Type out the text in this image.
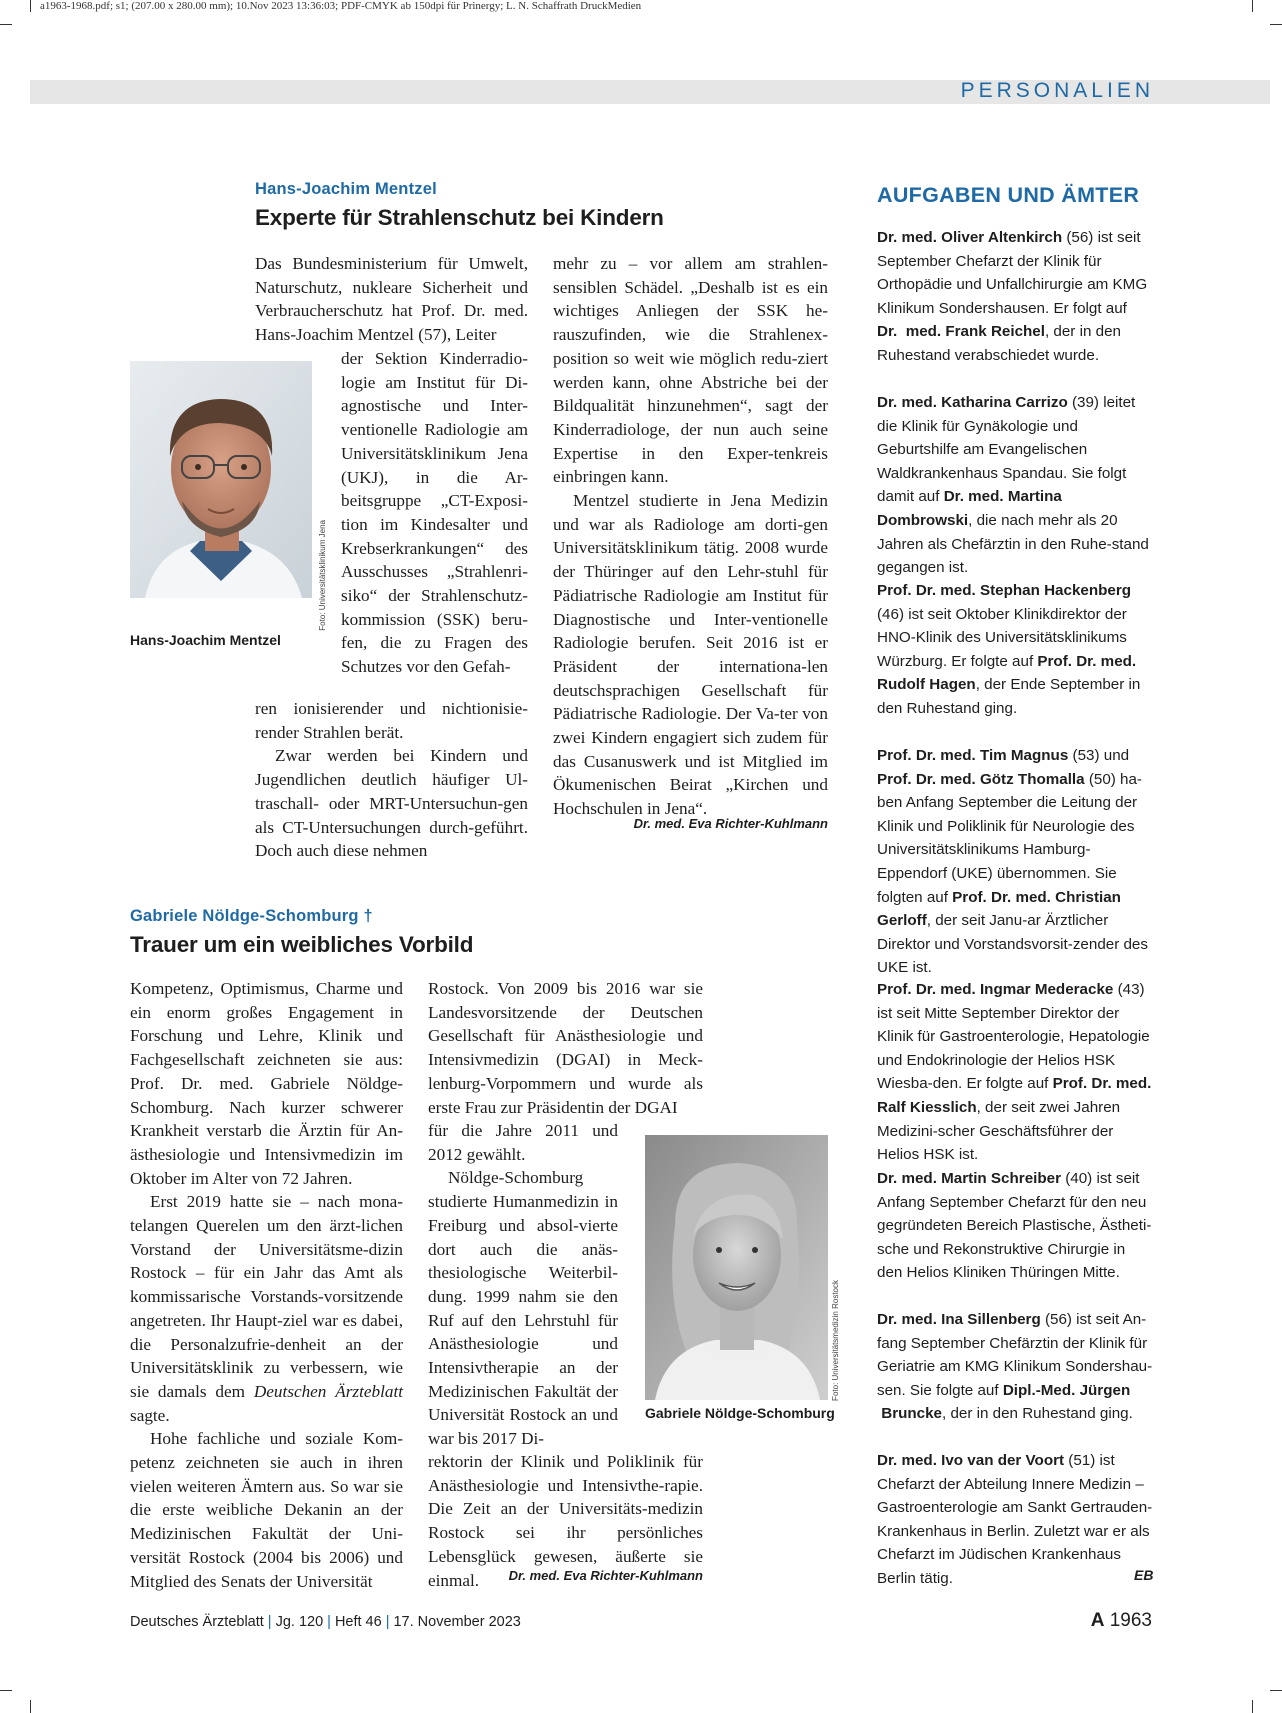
a1963-1968.pdf; s1; (207.00 x 280.00 mm); 10.Nov 2023 13:36:03; PDF-CMYK ab 150dpi für Prinergy; L. N. Schaffrath DruckMedien
PERSONALIEN
Hans-Joachim Mentzel
Experte für Strahlenschutz bei Kindern
Foto: Universitätsklinikum Jena
Hans-Joachim Mentzel

Das Bundesministerium für Umwelt, Naturschutz, nukleare Sicherheit und Verbraucherschutz hat Prof. Dr. med. Hans-Joachim Mentzel (57), Leiter

der Sektion Kinderradio-logie am Institut für Di-agnostische und Inter-ventionelle Radiologie am Universitätsklinikum Jena (UKJ), in die Ar-beitsgruppe „CT-Exposi-tion im Kindesalter und Krebserkrankungen“ des Ausschusses „Strahlenri-siko“ der Strahlenschutz-kommission (SSK) beru-fen, die zu Fragen des Schutzes vor den Gefah-

ren ionisierender und nichtionisie-render Strahlen berät.

Zwar werden bei Kindern und Jugendlichen deutlich häufiger Ul-traschall- oder MRT-Untersuchun-gen als CT-Untersuchungen durch-geführt. Doch auch diese nehmen

mehr zu – vor allem am strahlen-sensiblen Schädel. „Deshalb ist es ein wichtiges Anliegen der SSK he-rauszufinden, wie die Strahlenex-position so weit wie möglich redu-ziert werden kann, ohne Abstriche bei der Bildqualität hinzunehmen“, sagt der Kinderradiologe, der nun auch seine Expertise in den Exper-tenkreis einbringen kann.

Mentzel studierte in Jena Medizin und war als Radiologe am dorti-gen Universitätsklinikum tätig. 2008 wurde der Thüringer auf den Lehr-stuhl für Pädiatrische Radiologie am Institut für Diagnostische und Inter-ventionelle Radiologie berufen. Seit 2016 ist er Präsident der internationa-len deutschsprachigen Gesellschaft für Pädiatrische Radiologie. Der Va-ter von zwei Kindern engagiert sich zudem für das Cusanuswerk und ist Mitglied im Ökumenischen Beirat „Kirchen und Hochschulen in Jena“.

Dr. med. Eva Richter-Kuhlmann
Gabriele Nöldge-Schomburg †
Trauer um ein weibliches Vorbild

Kompetenz, Optimismus, Charme und ein enorm großes Engagement in Forschung und Lehre, Klinik und Fachgesellschaft zeichneten sie aus: Prof. Dr. med. Gabriele Nöldge-Schomburg. Nach kurzer schwerer Krankheit verstarb die Ärztin für An-ästhesiologie und Intensivmedizin im Oktober im Alter von 72 Jahren.

Erst 2019 hatte sie – nach mona-telangen Querelen um den ärzt-lichen Vorstand der Universitätsme-dizin Rostock – für ein Jahr das Amt als kommissarische Vorstands-vorsitzende angetreten. Ihr Haupt-ziel war es dabei, die Personalzufrie-denheit an der Universitätsklinik zu verbessern, wie sie damals dem Deutschen Ärzteblatt sagte.

Hohe fachliche und soziale Kom-petenz zeichneten sie auch in ihren vielen weiteren Ämtern aus. So war sie die erste weibliche Dekanin an der Medizinischen Fakultät der Uni-versität Rostock (2004 bis 2006) und Mitglied des Senats der Universität

Rostock. Von 2009 bis 2016 war sie Landesvorsitzende der Deutschen Gesellschaft für Anästhesiologie und Intensivmedizin (DGAI) in Meck-lenburg-Vorpommern und wurde als erste Frau zur Präsidentin der DGAI

für die Jahre 2011 und 2012 gewählt.

Nöldge-Schomburg studierte Humanmedizin in Freiburg und absol-vierte dort auch die anäs-thesiologische Weiterbil-dung. 1999 nahm sie den Ruf auf den Lehrstuhl für Anästhesiologie und Intensivtherapie an der Medizinischen Fakultät der Universität Rostock an und war bis 2017 Di-

rektorin der Klinik und Poliklinik für Anästhesiologie und Intensivthe-rapie. Die Zeit an der Universitäts-medizin Rostock sei ihr persönliches Lebensglück gewesen, äußerte sie einmal.	Dr. med. Eva Richter-Kuhlmann
Foto: Universitätsmedizin Rostock
Gabriele Nöldge-Schomburg
AUFGABEN UND ÄMTER
Dr. med. Oliver Altenkirch (56) ist seit September Chefarzt der Klinik für Orthopädie und Unfallchirurgie am KMG Klinikum Sondershausen. Er folgt auf Dr.  med. Frank Reichel, der in den Ruhestand verabschiedet wurde.
Dr. med. Katharina Carrizo (39) leitet die Klinik für Gynäkologie und Geburtshilfe am Evangelischen Waldkrankenhaus Spandau. Sie folgt damit auf Dr. med. Martina Dombrowski, die nach mehr als 20 Jahren als Chefärztin in den Ruhe-stand gegangen ist.
Prof. Dr. med. Stephan Hackenberg (46) ist seit Oktober Klinikdirektor der HNO-Klinik des Universitätsklinikums Würzburg. Er folgte auf Prof. Dr. med. Rudolf Hagen, der Ende September in den Ruhestand ging.
Prof. Dr. med. Tim Magnus (53) und Prof. Dr. med. Götz Thomalla (50) ha-ben Anfang September die Leitung der Klinik und Poliklinik für Neurologie des Universitätsklinikums Hamburg-Eppendorf (UKE) übernommen. Sie folgten auf Prof. Dr. med. Christian Gerloff, der seit Janu-ar Ärztlicher Direktor und Vorstandsvorsit-zender des UKE ist.
Prof. Dr. med. Ingmar Mederacke (43) ist seit Mitte September Direktor der Klinik für Gastroenterologie, Hepatologie und Endokrinologie der Helios HSK Wiesba-den. Er folgte auf Prof. Dr. med. Ralf Kiesslich, der seit zwei Jahren Medizini-scher Geschäftsführer der Helios HSK ist.
Dr. med. Martin Schreiber (40) ist seit Anfang September Chefarzt für den neu gegründeten Bereich Plastische, Ästheti-sche und Rekonstruktive Chirurgie in den Helios Kliniken Thüringen Mitte.
Dr. med. Ina Sillenberg (56) ist seit An-fang September Chefärztin der Klinik für Geriatrie am KMG Klinikum Sondershau-sen. Sie folgte auf Dipl.-Med. Jürgen  Bruncke, der in den Ruhestand ging.
Dr. med. Ivo van der Voort (51) ist Chefarzt der Abteilung Innere Medizin – Gastroenterologie am Sankt Gertrauden-Krankenhaus in Berlin. Zuletzt war er als Chefarzt im Jüdischen Krankenhaus Berlin tätig.	EB
Deutsches Ärzteblatt | Jg. 120 | Heft 46 | 17. November 2023	A 1963
